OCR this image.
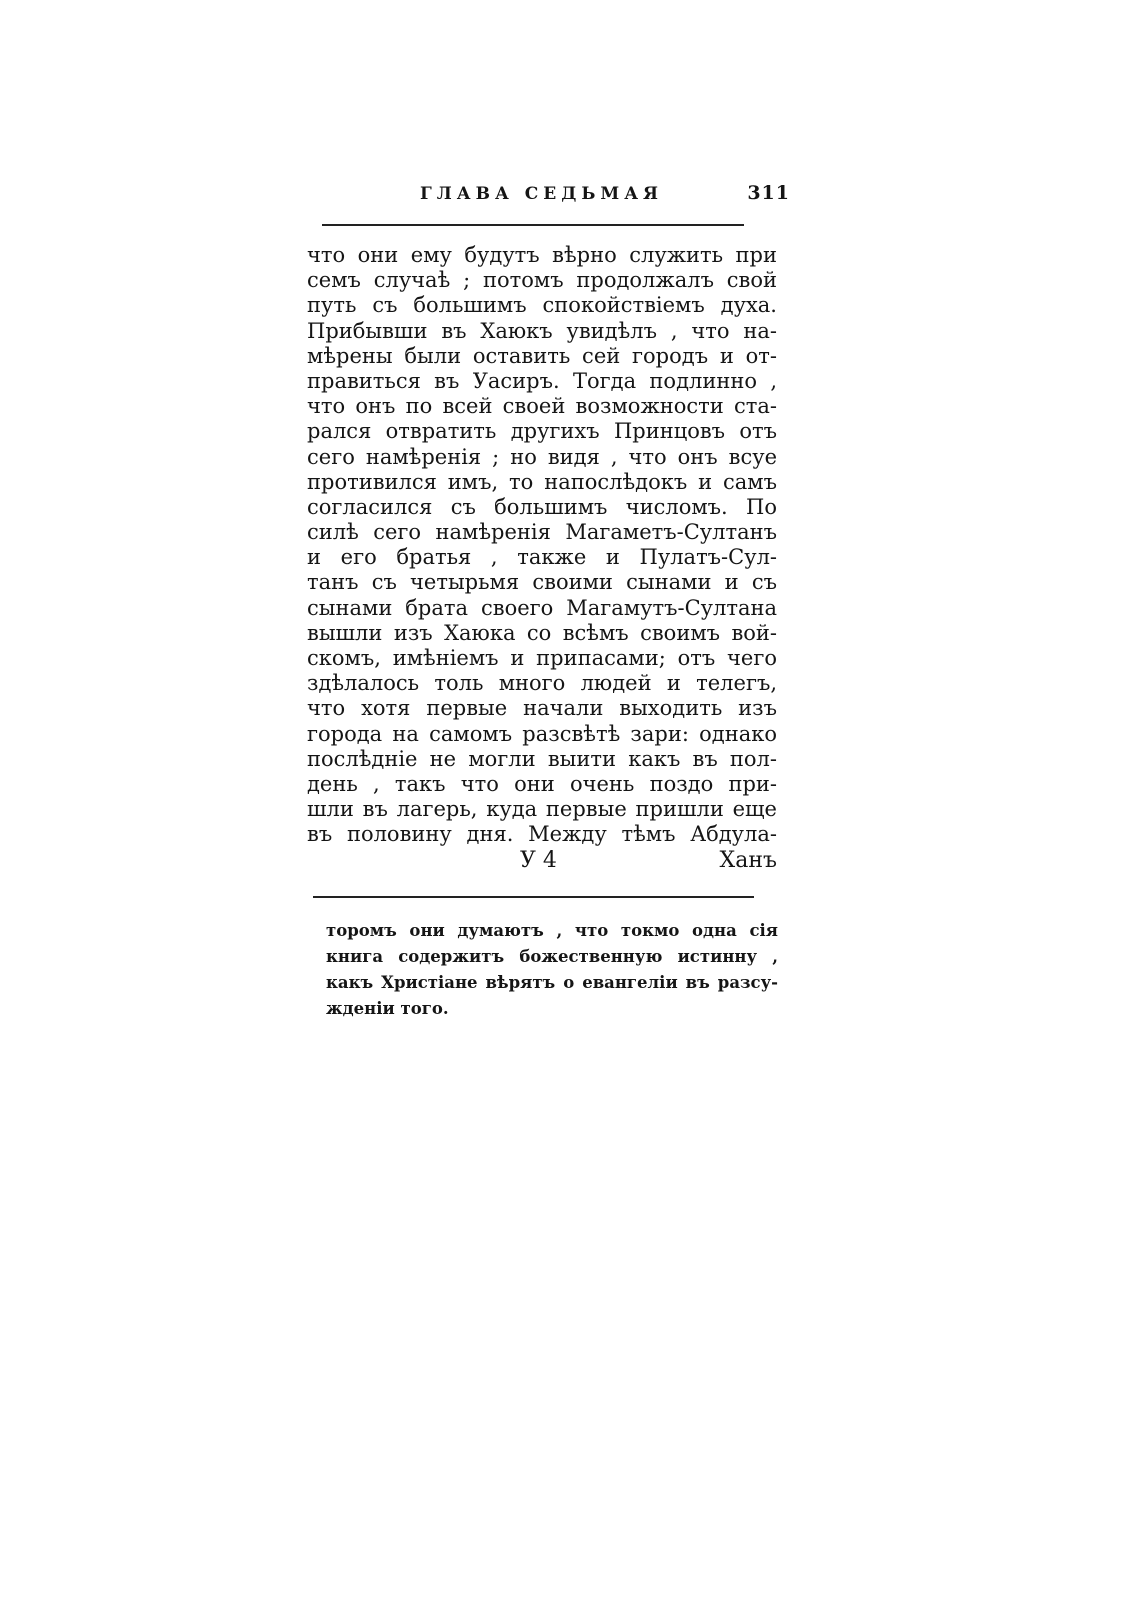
ГЛАВА СЕДЬМАЯ	311
что они ему будутъ вѣрно служить при
семъ случаѣ ; потомъ продолжалъ свой
путь съ большимъ спокойствiемъ духа.
Прибывши въ Хаюкъ увидѣлъ , что на-
мѣрены были оставить сей городъ и от-
правиться въ Уасиръ. Тогда подлинно ,
что онъ по всей своей возможности ста-
рался отвратить другихъ Принцовъ отъ
сего намѣренiя ; но видя , что онъ всуе
противился имъ, то напослѣдокъ и самъ
согласился съ большимъ числомъ. По
силѣ сего намѣренiя Магаметъ-Султанъ
и его братья , также и Пулатъ-Сул-
танъ съ четырьмя своими сынами и съ
сынами брата своего Магамутъ-Султана
вышли изъ Хаюка со всѣмъ своимъ вой-
скомъ, имѣнiемъ и припасами; отъ чего
здѣлалось толь много людей и телегъ,
что хотя первые начали выходить изъ
города на самомъ разсвѣтѣ зари: однако
послѣднiе не могли выити какъ въ пол-
день , такъ что они очень поздо при-
шли въ лагерь, куда первые пришли еще
въ половину дня. Между тѣмъ Абдула-
У 4	Ханъ
торомъ они думаютъ , что токмо одна сiя
книга содержитъ божественную истинну ,
какъ Христiане вѣрятъ о евангелiи въ разсу-
жденiи того.
